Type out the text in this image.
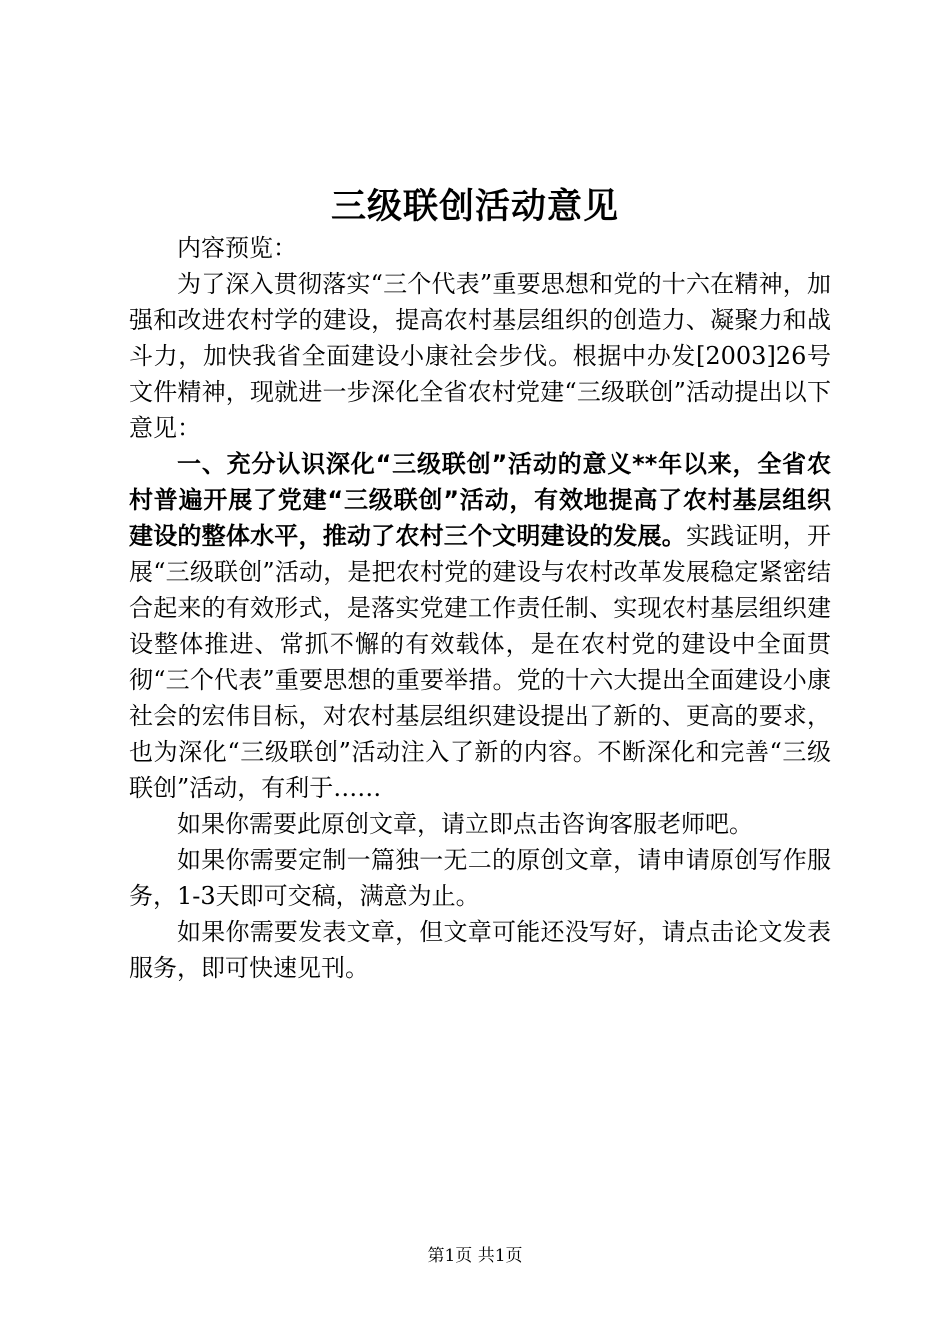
三级联创活动意见

内容预览：

为了深入贯彻落实“三个代表”重要思想和党的十六在精神，加强和改进农村学的建设，提高农村基层组织的创造力、凝聚力和战斗力，加快我省全面建设小康社会步伐。根据中办发[2003]26号文件精神，现就进一步深化全省农村党建“三级联创”活动提出以下意见：

一、充分认识深化“三级联创”活动的意义**年以来，全省农村普遍开展了党建“三级联创”活动，有效地提高了农村基层组织建设的整体水平，推动了农村三个文明建设的发展。实践证明，开展“三级联创”活动，是把农村党的建设与农村改革发展稳定紧密结合起来的有效形式，是落实党建工作责任制、实现农村基层组织建设整体推进、常抓不懈的有效载体，是在农村党的建设中全面贯彻“三个代表”重要思想的重要举措。党的十六大提出全面建设小康社会的宏伟目标，对农村基层组织建设提出了新的、更高的要求，也为深化“三级联创”活动注入了新的内容。不断深化和完善“三级联创”活动，有利于……

如果你需要此原创文章，请立即点击咨询客服老师吧。

如果你需要定制一篇独一无二的原创文章，请申请原创写作服务，1-3天即可交稿，满意为止。

如果你需要发表文章，但文章可能还没写好，请点击论文发表服务，即可快速见刊。

第1页 共1页
